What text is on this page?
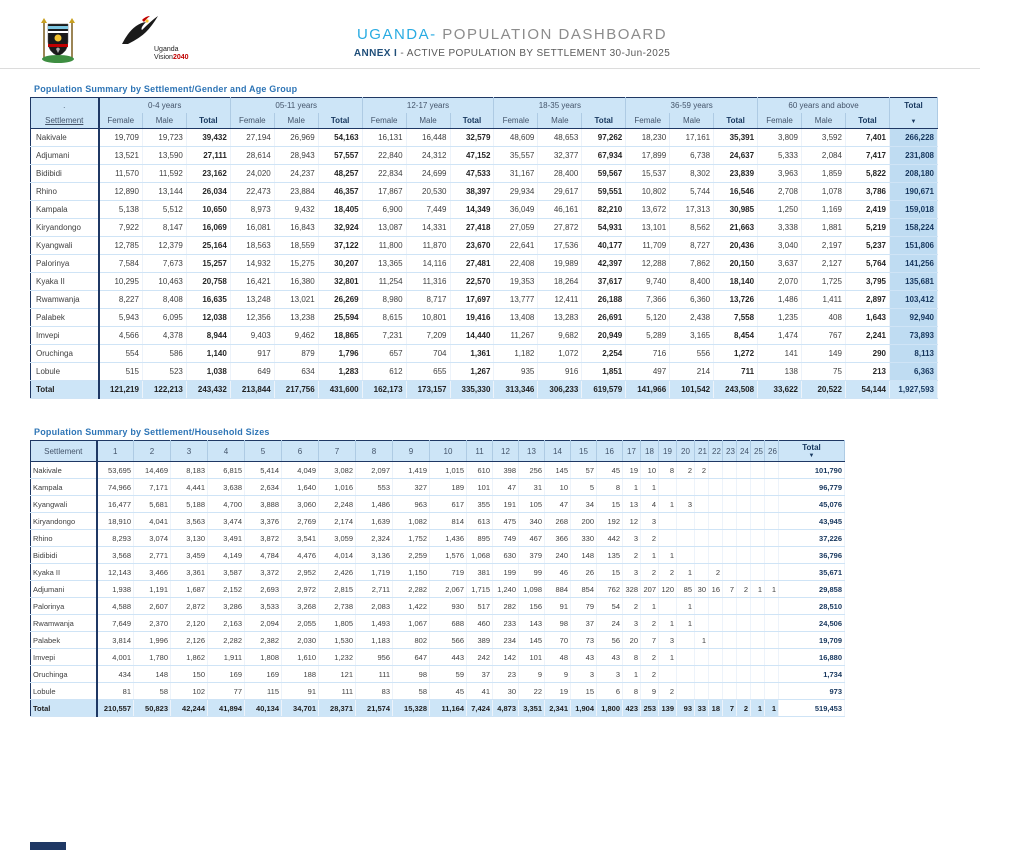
Uganda
Vision2040
UGANDA- POPULATION DASHBOARD
ANNEX I - ACTIVE POPULATION BY SETTLEMENT 30-Jun-2025
Population Summary by Settlement/Gender and Age Group
.	0-4 years			05-11 years			12-17 years			18-35 years			36-59 years			60 years and above			Total
Settlement	Female	Male	Total	Female	Male	Total	Female	Male	Total	Female	Male	Total	Female	Male	Total	Female	Male	Total	▼
Nakivale	19,709	19,723	39,432	27,194	26,969	54,163	16,131	16,448	32,579	48,609	48,653	97,262	18,230	17,161	35,391	3,809	3,592	7,401	266,228
Adjumani	13,521	13,590	27,111	28,614	28,943	57,557	22,840	24,312	47,152	35,557	32,377	67,934	17,899	6,738	24,637	5,333	2,084	7,417	231,808
Bidibidi	11,570	11,592	23,162	24,020	24,237	48,257	22,834	24,699	47,533	31,167	28,400	59,567	15,537	8,302	23,839	3,963	1,859	5,822	208,180
Rhino	12,890	13,144	26,034	22,473	23,884	46,357	17,867	20,530	38,397	29,934	29,617	59,551	10,802	5,744	16,546	2,708	1,078	3,786	190,671
Kampala	5,138	5,512	10,650	8,973	9,432	18,405	6,900	7,449	14,349	36,049	46,161	82,210	13,672	17,313	30,985	1,250	1,169	2,419	159,018
Kiryandongo	7,922	8,147	16,069	16,081	16,843	32,924	13,087	14,331	27,418	27,059	27,872	54,931	13,101	8,562	21,663	3,338	1,881	5,219	158,224
Kyangwali	12,785	12,379	25,164	18,563	18,559	37,122	11,800	11,870	23,670	22,641	17,536	40,177	11,709	8,727	20,436	3,040	2,197	5,237	151,806
Palorinya	7,584	7,673	15,257	14,932	15,275	30,207	13,365	14,116	27,481	22,408	19,989	42,397	12,288	7,862	20,150	3,637	2,127	5,764	141,256
Kyaka II	10,295	10,463	20,758	16,421	16,380	32,801	11,254	11,316	22,570	19,353	18,264	37,617	9,740	8,400	18,140	2,070	1,725	3,795	135,681
Rwamwanja	8,227	8,408	16,635	13,248	13,021	26,269	8,980	8,717	17,697	13,777	12,411	26,188	7,366	6,360	13,726	1,486	1,411	2,897	103,412
Palabek	5,943	6,095	12,038	12,356	13,238	25,594	8,615	10,801	19,416	13,408	13,283	26,691	5,120	2,438	7,558	1,235	408	1,643	92,940
Imvepi	4,566	4,378	8,944	9,403	9,462	18,865	7,231	7,209	14,440	11,267	9,682	20,949	5,289	3,165	8,454	1,474	767	2,241	73,893
Oruchinga	554	586	1,140	917	879	1,796	657	704	1,361	1,182	1,072	2,254	716	556	1,272	141	149	290	8,113
Lobule	515	523	1,038	649	634	1,283	612	655	1,267	935	916	1,851	497	214	711	138	75	213	6,363
Total	121,219	122,213	243,432	213,844	217,756	431,600	162,173	173,157	335,330	313,346	306,233	619,579	141,966	101,542	243,508	33,622	20,522	54,144	1,927,593
Population Summary by Settlement/Household Sizes
Settlement	1	2	3	4	5	6	7	8	9	10	11	12	13	14	15	16	17	18	19	20	21	22	23	24	25	26	Total
▼

Nakivale	53,695	14,469	8,183	6,815	5,414	4,049	3,082	2,097	1,419	1,015	610	398	256	145	57	45	19	10	8	2	2						101,790
Kampala	74,966	7,171	4,441	3,638	2,634	1,640	1,016	553	327	189	101	47	31	10	5	8	1	1									96,779
Kyangwali	16,477	5,681	5,188	4,700	3,888	3,060	2,248	1,486	963	617	355	191	105	47	34	15	13	4	1	3							45,076
Kiryandongo	18,910	4,041	3,563	3,474	3,376	2,769	2,174	1,639	1,082	814	613	475	340	268	200	192	12	3									43,945
Rhino	8,293	3,074	3,130	3,491	3,872	3,541	3,059	2,324	1,752	1,436	895	749	467	366	330	442	3	2									37,226
Bidibidi	3,568	2,771	3,459	4,149	4,784	4,476	4,014	3,136	2,259	1,576	1,068	630	379	240	148	135	2	1	1								36,796
Kyaka II	12,143	3,466	3,361	3,587	3,372	2,952	2,426	1,719	1,150	719	381	199	99	46	26	15	3	2	2	1		2					35,671
Adjumani	1,938	1,191	1,687	2,152	2,693	2,972	2,815	2,711	2,282	2,067	1,715	1,240	1,098	884	854	762	328	207	120	85	30	16	7	2	1	1	29,858
Palorinya	4,588	2,607	2,872	3,286	3,533	3,268	2,738	2,083	1,422	930	517	282	156	91	79	54	2	1		1							28,510
Rwamwanja	7,649	2,370	2,120	2,163	2,094	2,055	1,805	1,493	1,067	688	460	233	143	98	37	24	3	2	1	1							24,506
Palabek	3,814	1,996	2,126	2,282	2,382	2,030	1,530	1,183	802	566	389	234	145	70	73	56	20	7	3		1						19,709
Imvepi	4,001	1,780	1,862	1,911	1,808	1,610	1,232	956	647	443	242	142	101	48	43	43	8	2	1								16,880
Oruchinga	434	148	150	169	169	188	121	111	98	59	37	23	9	9	3	3	1	2									1,734
Lobule	81	58	102	77	115	91	111	83	58	45	41	30	22	19	15	6	8	9	2								973
Total	210,557	50,823	42,244	41,894	40,134	34,701	28,371	21,574	15,328	11,164	7,424	4,873	3,351	2,341	1,904	1,800	423	253	139	93	33	18	7	2	1	1	519,453
